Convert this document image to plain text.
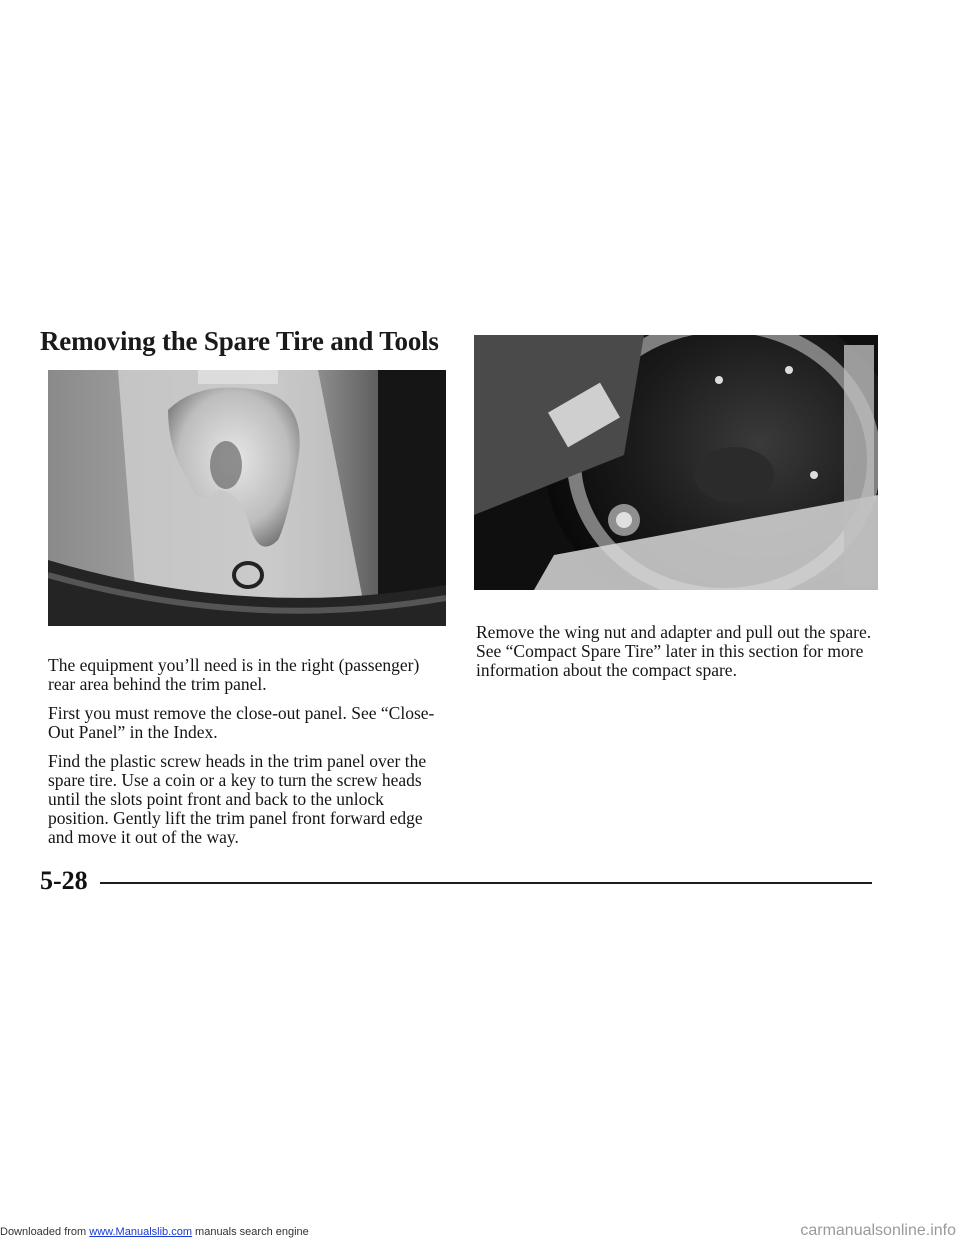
Removing the Spare Tire and Tools

The equipment you’ll need is in the right (passenger) rear area behind the trim panel.

First you must remove the close-out panel. See “Close-Out Panel” in the Index.

Find the plastic screw heads in the trim panel over the spare tire. Use a coin or a key to turn the screw heads until the slots point front and back to the unlock position. Gently lift the trim panel front forward edge and move it out of the way.

Remove the wing nut and adapter and pull out the spare. See “Compact Spare Tire” later in this section for more information about the compact spare.

5-28
Downloaded from www.Manualslib.com manuals search engine	carmanualsonline.info
